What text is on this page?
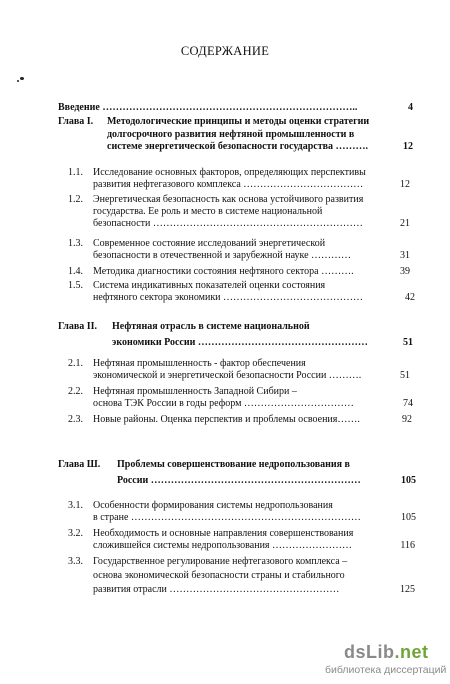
СОДЕРЖАНИЕ
Введение …………………………………………………………………..	4
Глава I. Методологические принципы и методы оценки стратегии
долгосрочного развития нефтяной промышленности в
системе энергетической безопасности государства ……….	12
1.1. Исследование основных факторов, определяющих перспективы
развития нефтегазового комплекса ………………………………	12
1.2. Энергетическая безопасность как основа устойчивого развития
государства. Ее роль и место в системе национальной
безопасности ………………………………………………………	21
1.3. Современное состояние исследований энергетической
безопасности в отечественной и зарубежной науке …………	31
1.4. Методика диагностики состояния нефтяного сектора ……….	39
1.5. Система индикативных показателей оценки состояния
нефтяного сектора экономики ……………………………………	42
Глава II. Нефтяная отрасль в системе национальной
экономики России ……………………………………………	51
2.1. Нефтяная промышленность - фактор обеспечения
экономической и энергетической безопасности России ……….	51
2.2. Нефтяная промышленность Западной Сибири –
основа ТЭК России в годы реформ ……………………………	74
2.3. Новые районы. Оценка перспектив и проблемы освоения…….	92
Глава Ш. Проблемы совершенствование недропользования в
России ………………………………………………………	105
3.1. Особенности формирования системы недропользования
в стране ……………………………………………………………	105
3.2. Необходимость и основные направления совершенствования
сложившейся системы недропользования ……………………	116
3.3. Государственное регулирование нефтегазового комплекса –
основа экономической безопасности страны и стабильного
развития отрасли ……………………………………………	125
dsLib.net
библиотека диссертаций
